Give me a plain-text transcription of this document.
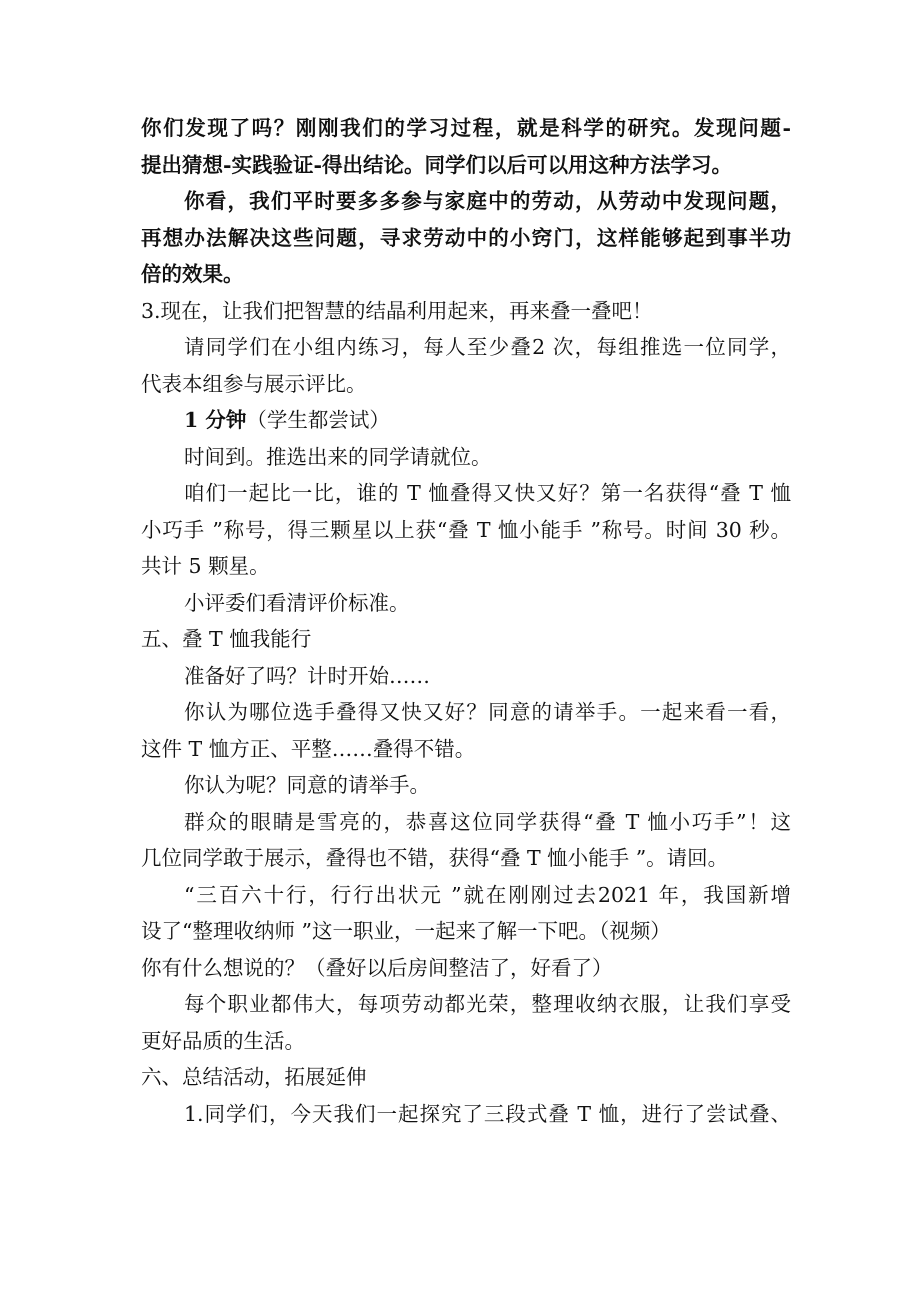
你们发现了吗？刚刚我们的学习过程，就是科学的研究。发现问题-
提出猜想-实践验证-得出结论。同学们以后可以用这种方法学习。
你看，我们平时要多多参与家庭中的劳动，从劳动中发现问题，
再想办法解决这些问题，寻求劳动中的小窍门，这样能够起到事半功
倍的效果。
3.现在，让我们把智慧的结晶利用起来，再来叠一叠吧！
请同学们在小组内练习，每人至少叠2 次，每组推选一位同学，
代表本组参与展示评比。
1 分钟（学生都尝试）
时间到。推选出来的同学请就位。
咱们一起比一比，谁的 T 恤叠得又快又好？第一名获得“叠 T 恤
小巧手 ”称号，得三颗星以上获“叠 T 恤小能手 ”称号。时间 30 秒。
共计 5 颗星。
小评委们看清评价标准。
五、叠 T 恤我能行
准备好了吗？计时开始……
你认为哪位选手叠得又快又好？同意的请举手。一起来看一看，
这件 T 恤方正、平整……叠得不错。
你认为呢？同意的请举手。
群众的眼睛是雪亮的，恭喜这位同学获得“叠 T 恤小巧手”！这
几位同学敢于展示，叠得也不错，获得“叠 T 恤小能手 ”。请回。
“三百六十行，行行出状元 ”就在刚刚过去2021 年，我国新增
设了“整理收纳师 ”这一职业，一起来了解一下吧。（视频）
你有什么想说的？（叠好以后房间整洁了，好看了）
每个职业都伟大，每项劳动都光荣，整理收纳衣服，让我们享受
更好品质的生活。
六、总结活动，拓展延伸
1.同学们，今天我们一起探究了三段式叠 T 恤，进行了尝试叠、
